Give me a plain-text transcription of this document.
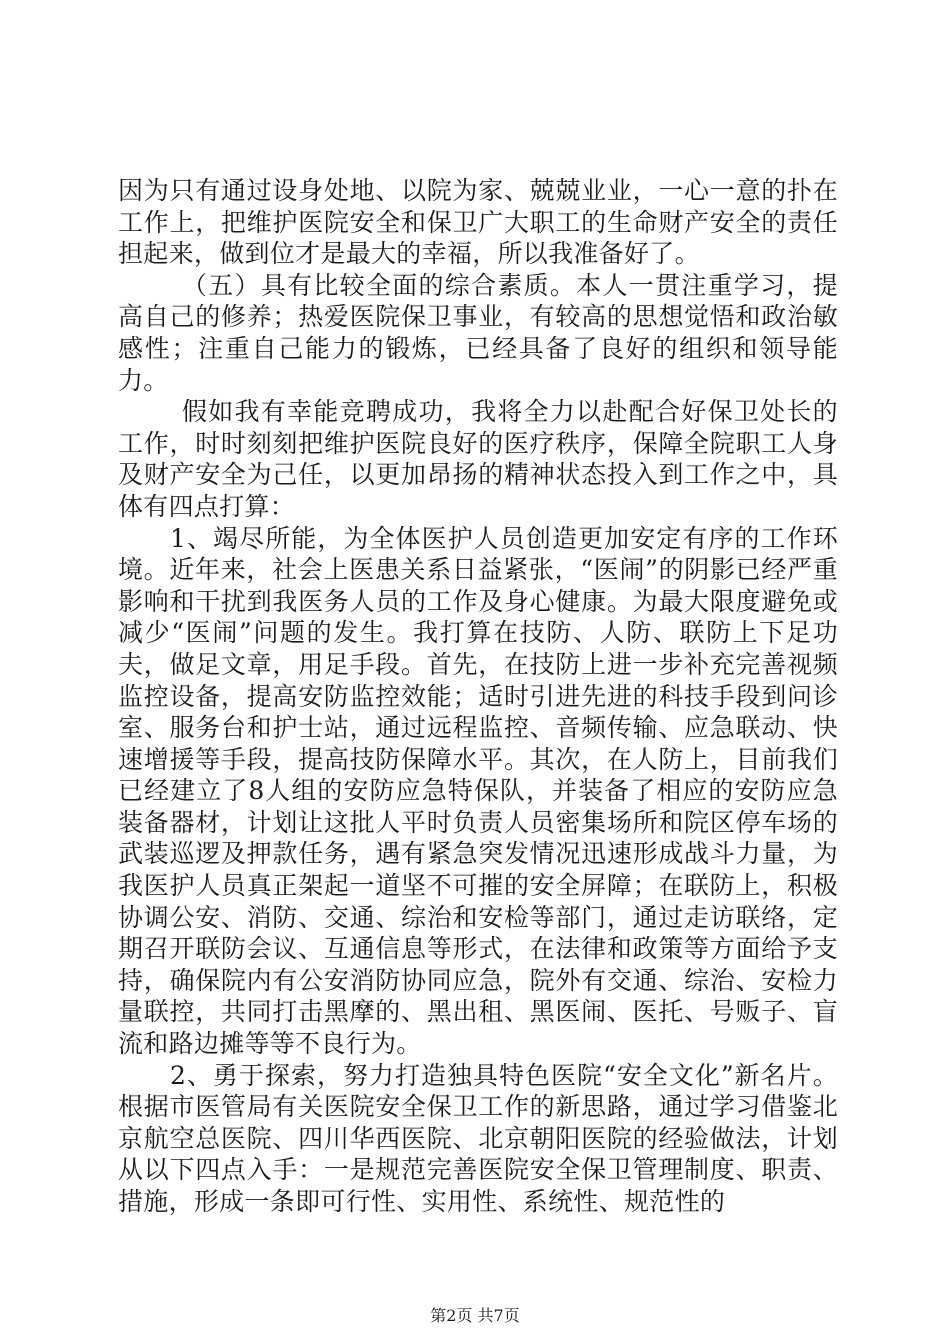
因为只有通过设身处地、以院为家、兢兢业业，一心一意的扑在工作上，把维护医院安全和保卫广大职工的生命财产安全的责任担起来，做到位才是最大的幸福，所以我准备好了。

（五）具有比较全面的综合素质。本人一贯注重学习，提高自己的修养；热爱医院保卫事业，有较高的思想觉悟和政治敏感性；注重自己能力的锻炼，已经具备了良好的组织和领导能力。

假如我有幸能竞聘成功，我将全力以赴配合好保卫处长的工作，时时刻刻把维护医院良好的医疗秩序，保障全院职工人身及财产安全为己任，以更加昂扬的精神状态投入到工作之中，具体有四点打算：

1、竭尽所能，为全体医护人员创造更加安定有序的工作环境。近年来，社会上医患关系日益紧张，“医闹”的阴影已经严重影响和干扰到我医务人员的工作及身心健康。为最大限度避免或减少“医闹”问题的发生。我打算在技防、人防、联防上下足功夫，做足文章，用足手段。首先，在技防上进一步补充完善视频监控设备，提高安防监控效能；适时引进先进的科技手段到问诊室、服务台和护士站，通过远程监控、音频传输、应急联动、快速增援等手段，提高技防保障水平。其次，在人防上，目前我们已经建立了8人组的安防应急特保队，并装备了相应的安防应急装备器材，计划让这批人平时负责人员密集场所和院区停车场的武装巡逻及押款任务，遇有紧急突发情况迅速形成战斗力量，为我医护人员真正架起一道坚不可摧的安全屏障；在联防上，积极协调公安、消防、交通、综治和安检等部门，通过走访联络，定期召开联防会议、互通信息等形式，在法律和政策等方面给予支持，确保院内有公安消防协同应急，院外有交通、综治、安检力量联控，共同打击黑摩的、黑出租、黑医闹、医托、号贩子、盲流和路边摊等等不良行为。

2、勇于探索，努力打造独具特色医院“安全文化”新名片。根据市医管局有关医院安全保卫工作的新思路，通过学习借鉴北京航空总医院、四川华西医院、北京朝阳医院的经验做法，计划从以下四点入手：一是规范完善医院安全保卫管理制度、职责、措施，形成一条即可行性、实用性、系统性、规范性的

第2页 共7页
